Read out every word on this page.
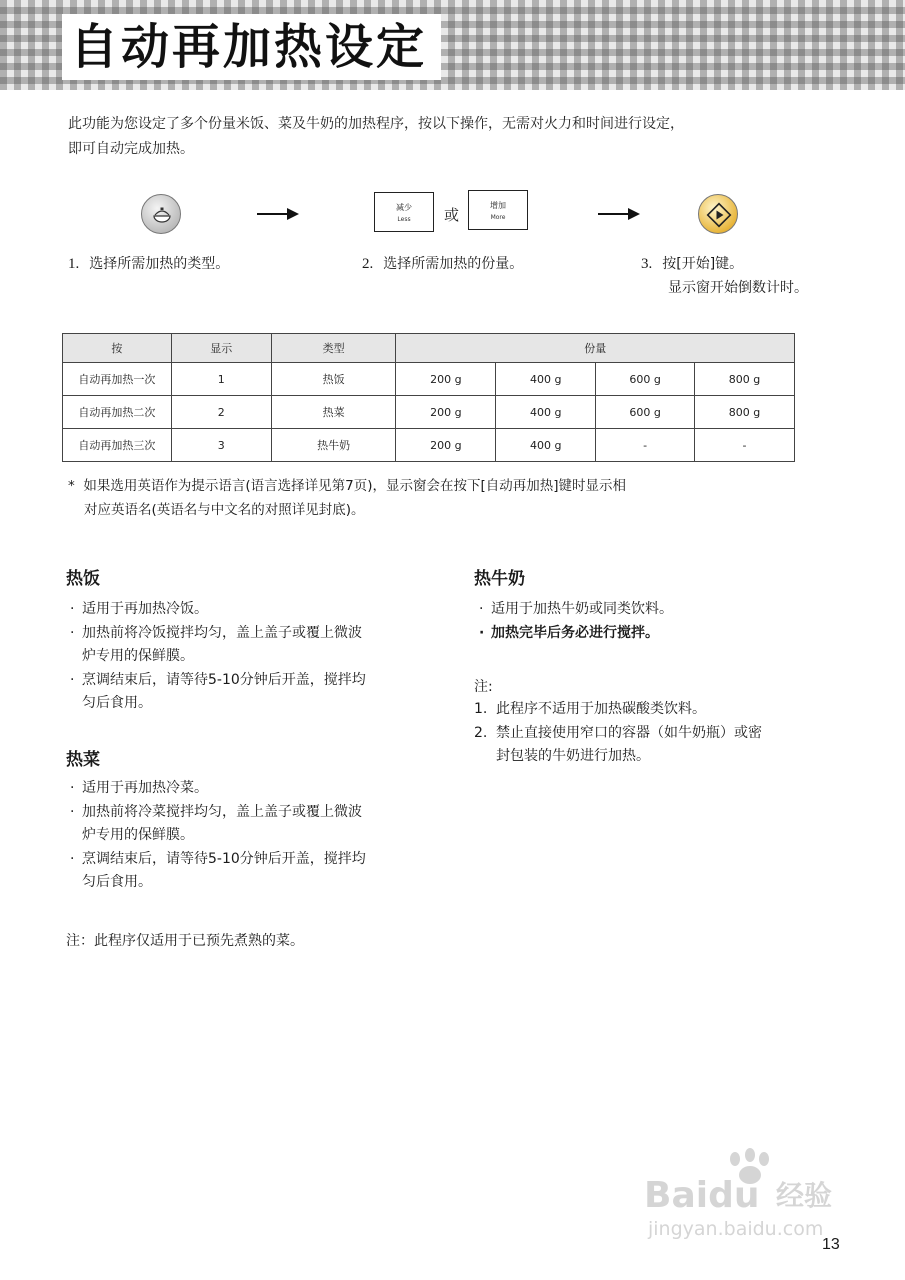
自动再加热设定
此功能为您设定了多个份量米饭、菜及牛奶的加热程序，按以下操作，无需对火力和时间进行设定，
即可自动完成加热。
减少
Less	或
增加
More
1. 选择所需加热的类型。	2. 选择所需加热的份量。	3. 按[开始]键。
显示窗开始倒数计时。
按	显示	类型	份量			
自动再加热一次	1	热饭	200 g	400 g	600 g	800 g
自动再加热二次	2	热菜	200 g	400 g	600 g	800 g
自动再加热三次	3	热牛奶	200 g	400 g	-	-
* 如果选用英语作为提示语言(语言选择详见第7页)，显示窗会在按下[自动再加热]键时显示相
对应英语名(英语名与中文名的对照详见封底)。
热饭
· 适用于再加热冷饭。
· 加热前将冷饭搅拌均匀，盖上盖子或覆上微波
炉专用的保鲜膜。
· 烹调结束后，请等待5-10分钟后开盖，搅拌均
匀后食用。
热菜
· 适用于再加热冷菜。
· 加热前将冷菜搅拌均匀，盖上盖子或覆上微波
炉专用的保鲜膜。
· 烹调结束后，请等待5-10分钟后开盖，搅拌均
匀后食用。
注：此程序仅适用于已预先煮熟的菜。
热牛奶
· 适用于加热牛奶或同类饮料。
· 加热完毕后务必进行搅拌。
注:
1. 此程序不适用于加热碳酸类饮料。
2. 禁止直接使用窄口的容器（如牛奶瓶）或密
封包装的牛奶进行加热。
Baidu 经验
jingyan.baidu.com
13
